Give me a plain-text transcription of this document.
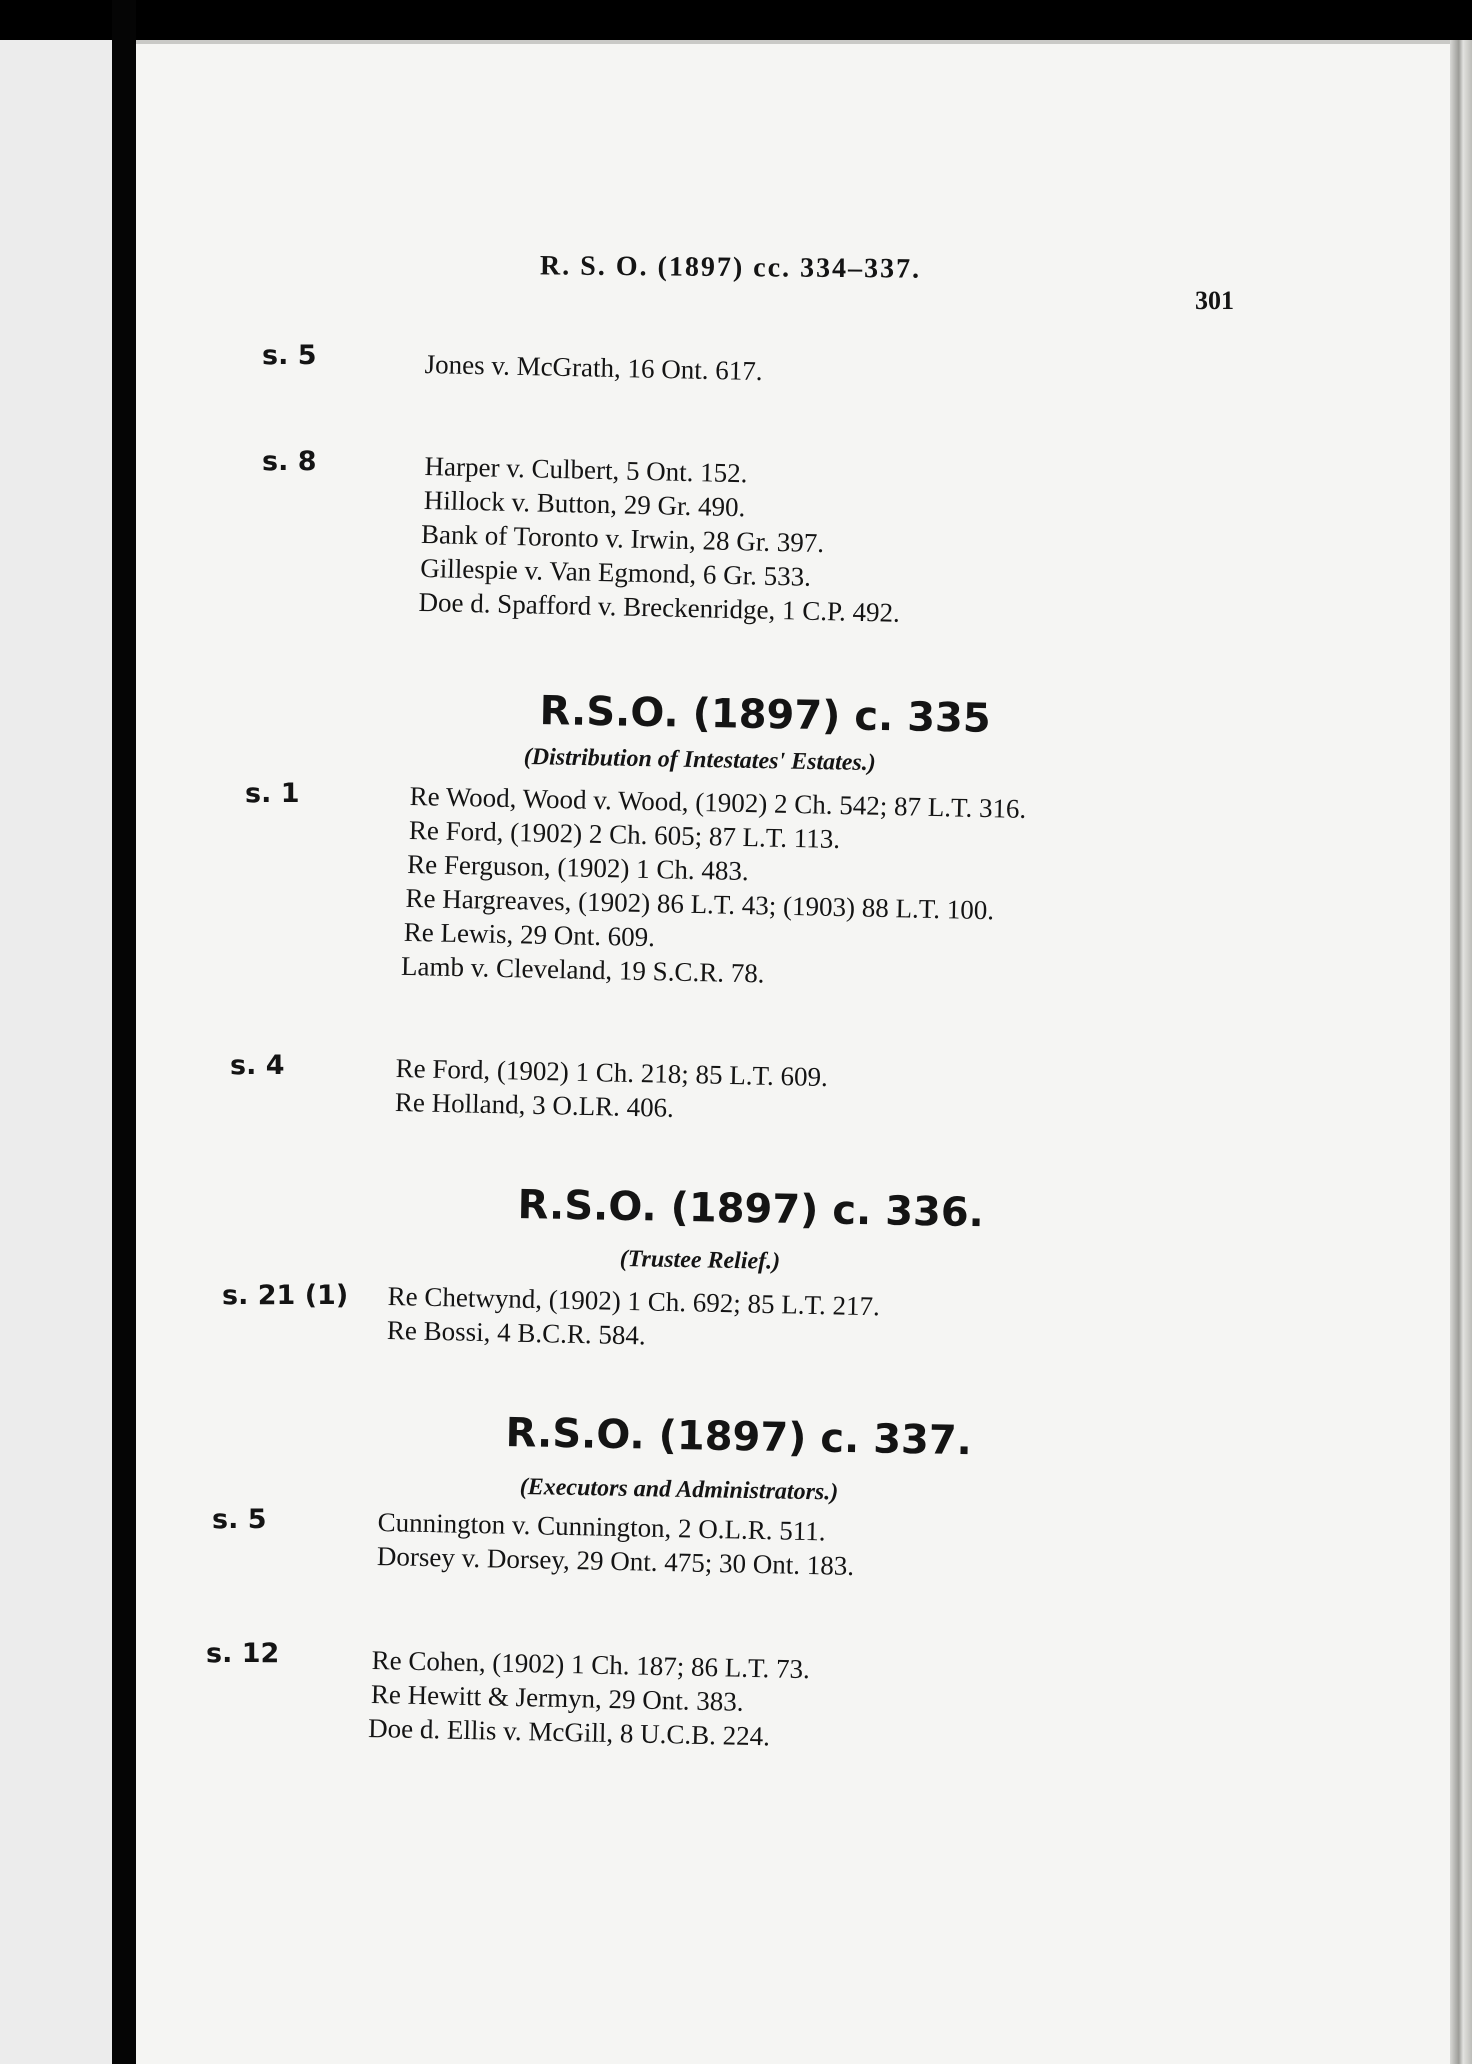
R. S. O. (1897) cc. 334–337.

301

s. 5	Jones v. McGrath, 16 Ont. 617.

s. 8	Harper v. Culbert, 5 Ont. 152.

Hillock v. Button, 29 Gr. 490.

Bank of Toronto v. Irwin, 28 Gr. 397.

Gillespie v. Van Egmond, 6 Gr. 533.

Doe d. Spafford v. Breckenridge, 1 C.P. 492.

R.S.O. (1897) c. 335

(Distribution of Intestates' Estates.)

s. 1	Re Wood, Wood v. Wood, (1902) 2 Ch. 542; 87 L.T. 316.

Re Ford, (1902) 2 Ch. 605; 87 L.T. 113.

Re Ferguson, (1902) 1 Ch. 483.

Re Hargreaves, (1902) 86 L.T. 43; (1903) 88 L.T. 100.

Re Lewis, 29 Ont. 609.

Lamb v. Cleveland, 19 S.C.R. 78.

s. 4	Re Ford, (1902) 1 Ch. 218; 85 L.T. 609.

Re Holland, 3 O.LR. 406.

R.S.O. (1897) c. 336.

(Trustee Relief.)

s. 21 (1) Re Chetwynd, (1902) 1 Ch. 692; 85 L.T. 217.

Re Bossi, 4 B.C.R. 584.

R.S.O. (1897) c. 337.

(Executors and Administrators.)

s. 5	Cunnington v. Cunnington, 2 O.L.R. 511.

Dorsey v. Dorsey, 29 Ont. 475; 30 Ont. 183.

s. 12	Re Cohen, (1902) 1 Ch. 187; 86 L.T. 73.

Re Hewitt & Jermyn, 29 Ont. 383.

Doe d. Ellis v. McGill, 8 U.C.B. 224.
